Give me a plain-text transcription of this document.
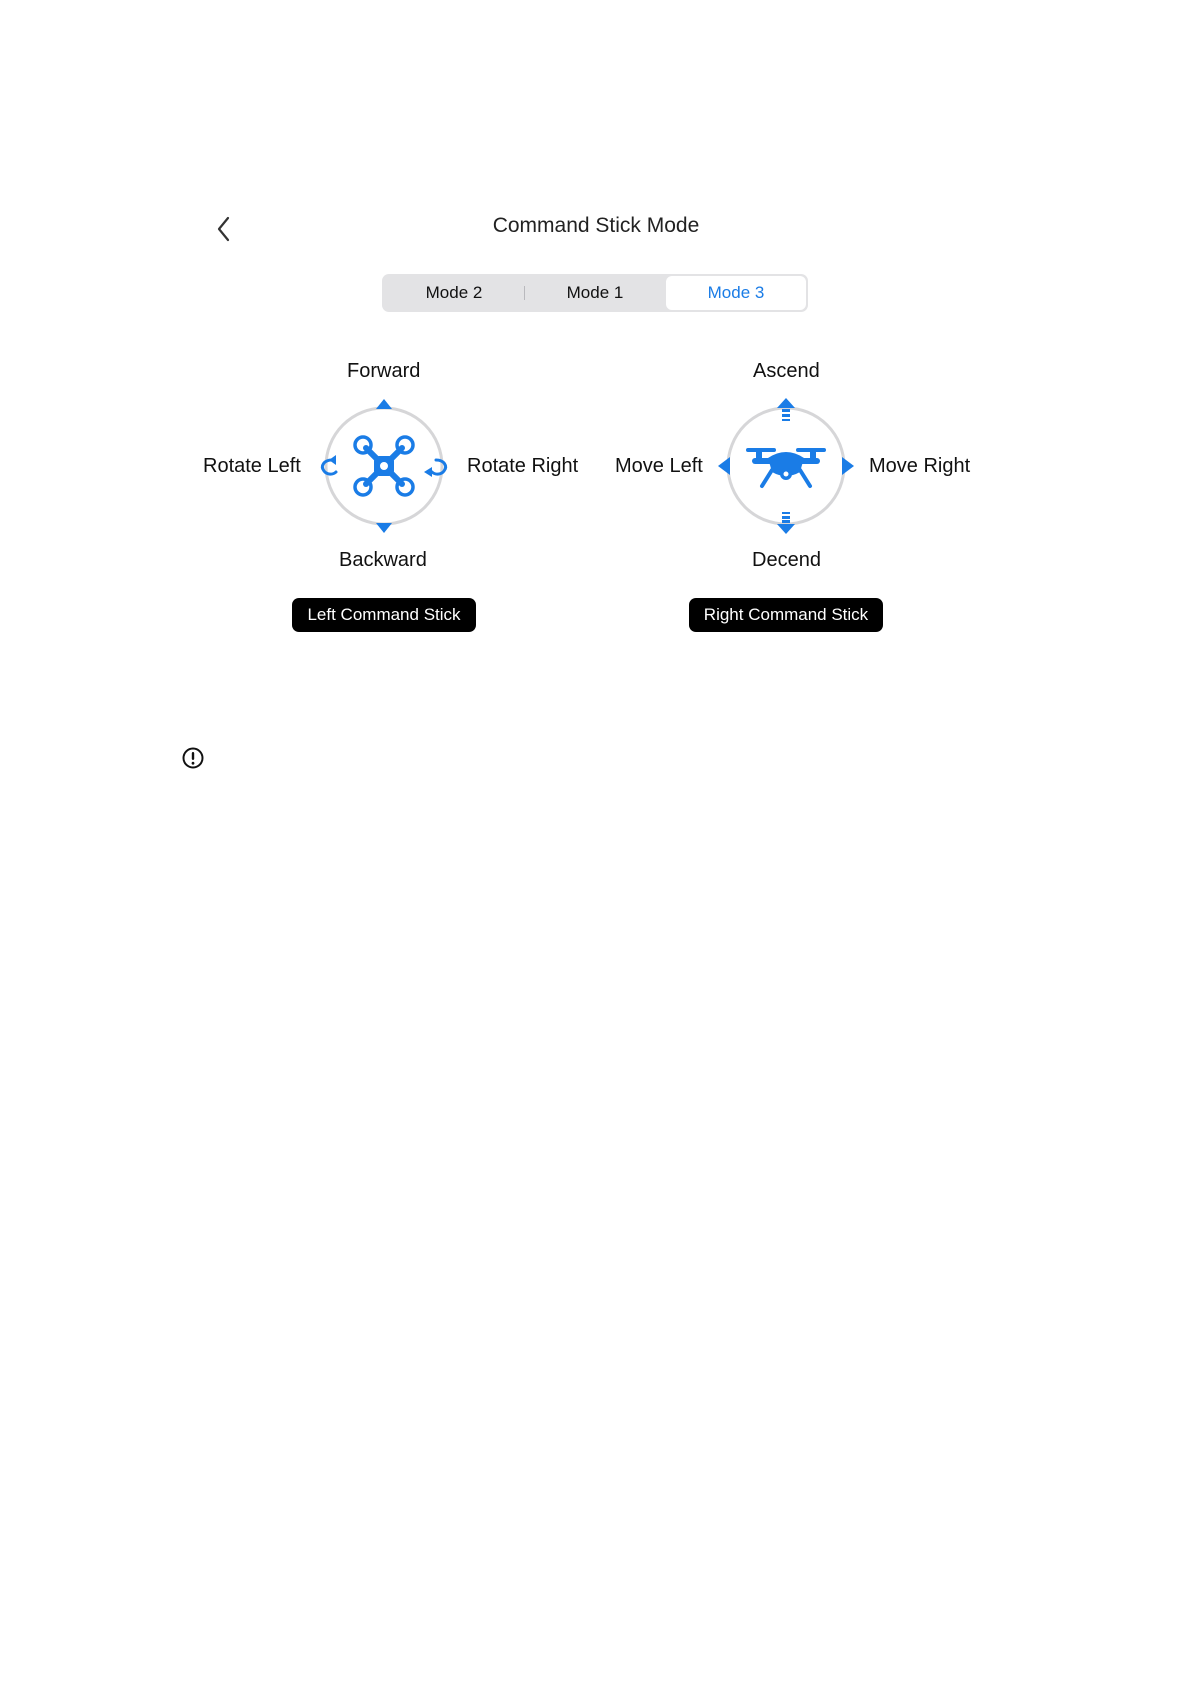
Command Stick Mode
Mode 2	Mode 1	Mode 3
Forward
Backward
Rotate Left	Rotate Right
Left Command Stick
Ascend
Decend
Move Left	Move Right
Right Command Stick
